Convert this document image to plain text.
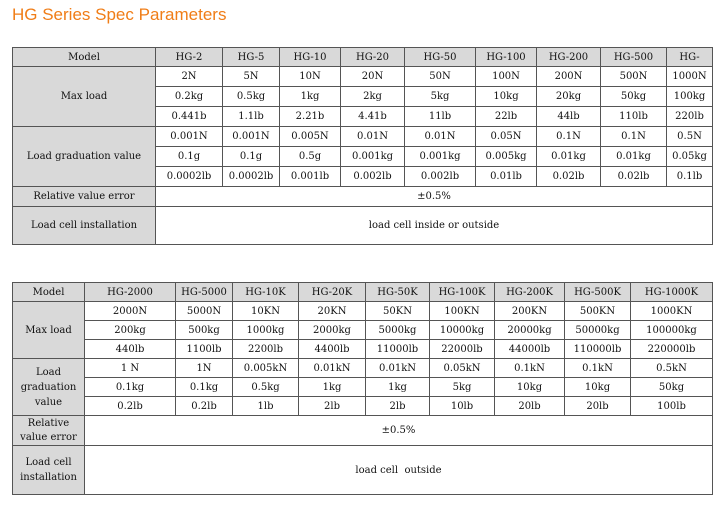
HG Series Spec Parameters
Model	HG-2	HG-5	HG-10	HG-20	HG-50	HG-100	HG-200	HG-500	HG-
Max load	2N	5N	10N	20N	50N	100N	200N	500N	1000N
	0.2kg	0.5kg	1kg	2kg	5kg	10kg	20kg	50kg	100kg
	0.441b	1.1lb	2.21b	4.41b	11lb	22lb	44lb	110lb	220lb
Load graduation value	0.001N	0.001N	0.005N	0.01N	0.01N	0.05N	0.1N	0.1N	0.5N
	0.1g	0.1g	0.5g	0.001kg	0.001kg	0.005kg	0.01kg	0.01kg	0.05kg
	0.0002lb	0.0002lb	0.001lb	0.002lb	0.002lb	0.01lb	0.02lb	0.02lb	0.1lb
Relative value error	±0.5%								
Load cell installation	load cell inside or outside								
Model	HG-2000	HG-5000	HG-10K	HG-20K	HG-50K	HG-100K	HG-200K	HG-500K	HG-1000K
Max load	2000N	5000N	10KN	20KN	50KN	100KN	200KN	500KN	1000KN
	200kg	500kg	1000kg	2000kg	5000kg	10000kg	20000kg	50000kg	100000kg
	440lb	1100lb	2200lb	4400lb	11000lb	22000lb	44000lb	110000lb	220000lb
Load graduation value	1 N	1N	0.005kN	0.01kN	0.01kN	0.05kN	0.1kN	0.1kN	0.5kN
	0.1kg	0.1kg	0.5kg	1kg	1kg	5kg	10kg	10kg	50kg
	0.2lb	0.2lb	1lb	2lb	2lb	10lb	20lb	20lb	100lb
Relative value error	±0.5%								
Load cell installation	load cell  outside								
